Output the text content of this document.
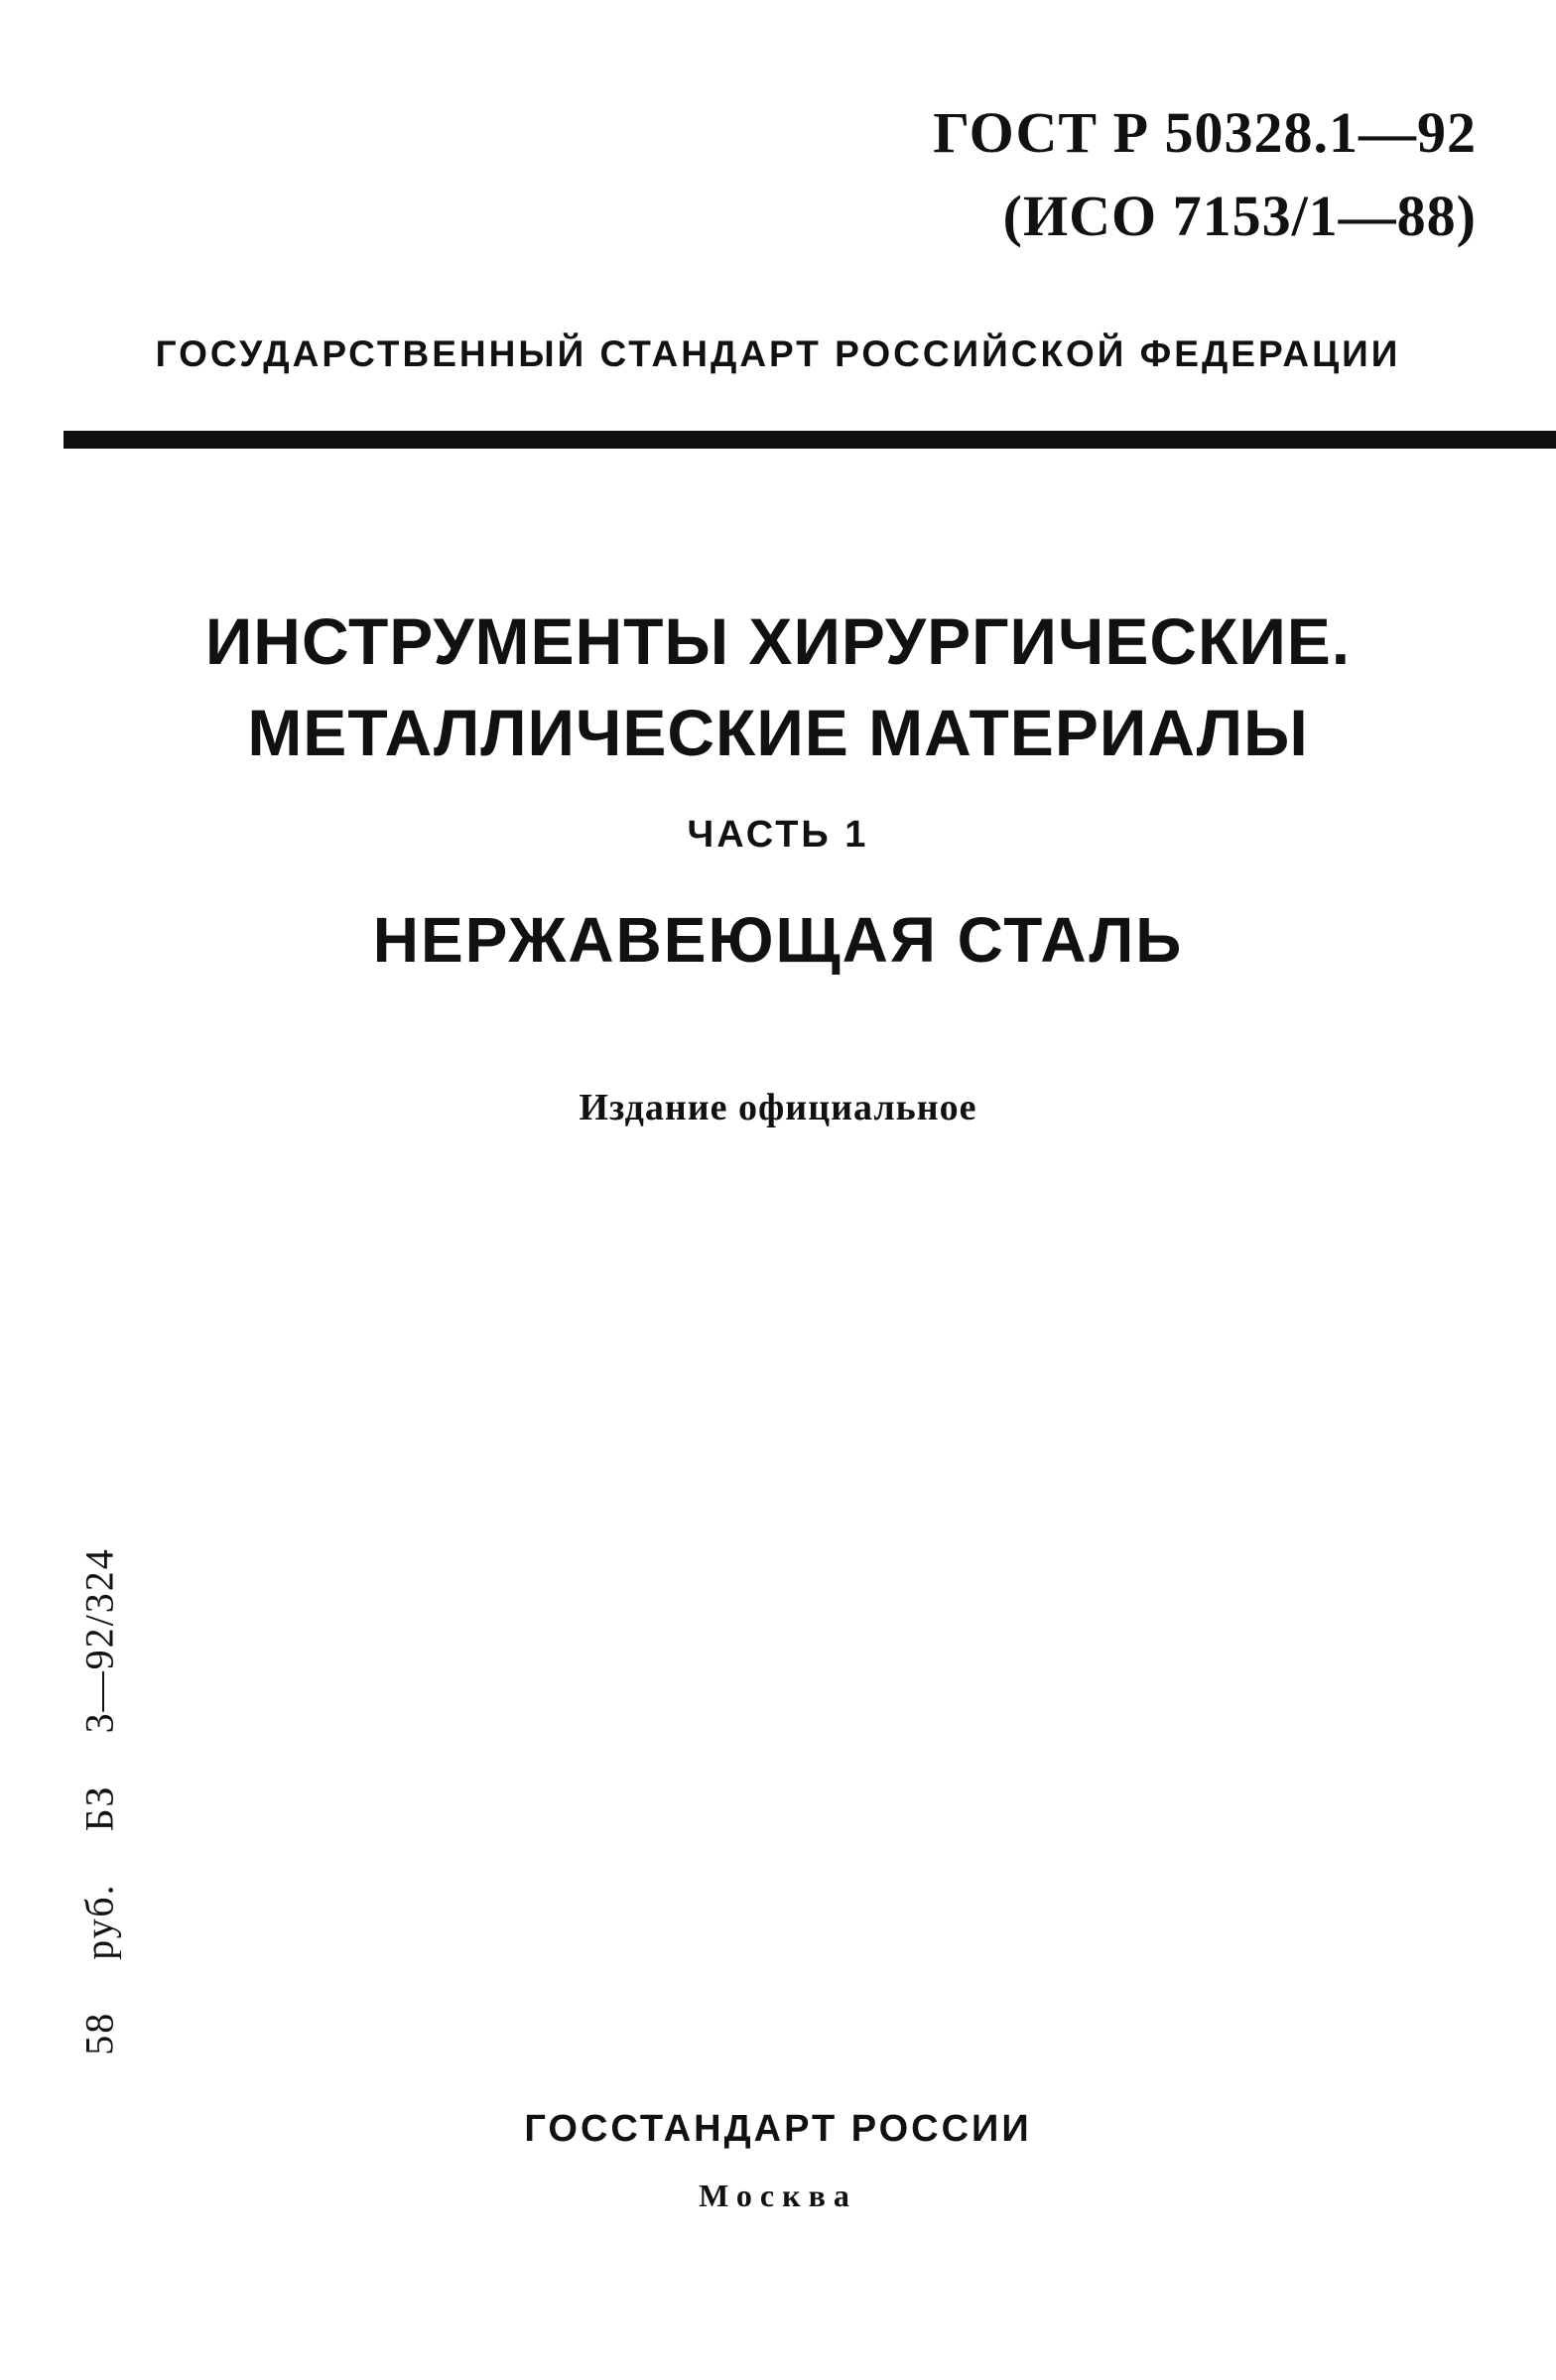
ГОСТ Р 50328.1—92
(ИСО 7153/1—88)
ГОСУДАРСТВЕННЫЙ СТАНДАРТ РОССИЙСКОЙ ФЕДЕРАЦИИ
ИНСТРУМЕНТЫ ХИРУРГИЧЕСКИЕ.
МЕТАЛЛИЧЕСКИЕ МАТЕРИАЛЫ
ЧАСТЬ 1
НЕРЖАВЕЮЩАЯ СТАЛЬ
Издание официальное
58 руб. БЗ 3—92/324
ГОССТАНДАРТ РОССИИ
Москва
